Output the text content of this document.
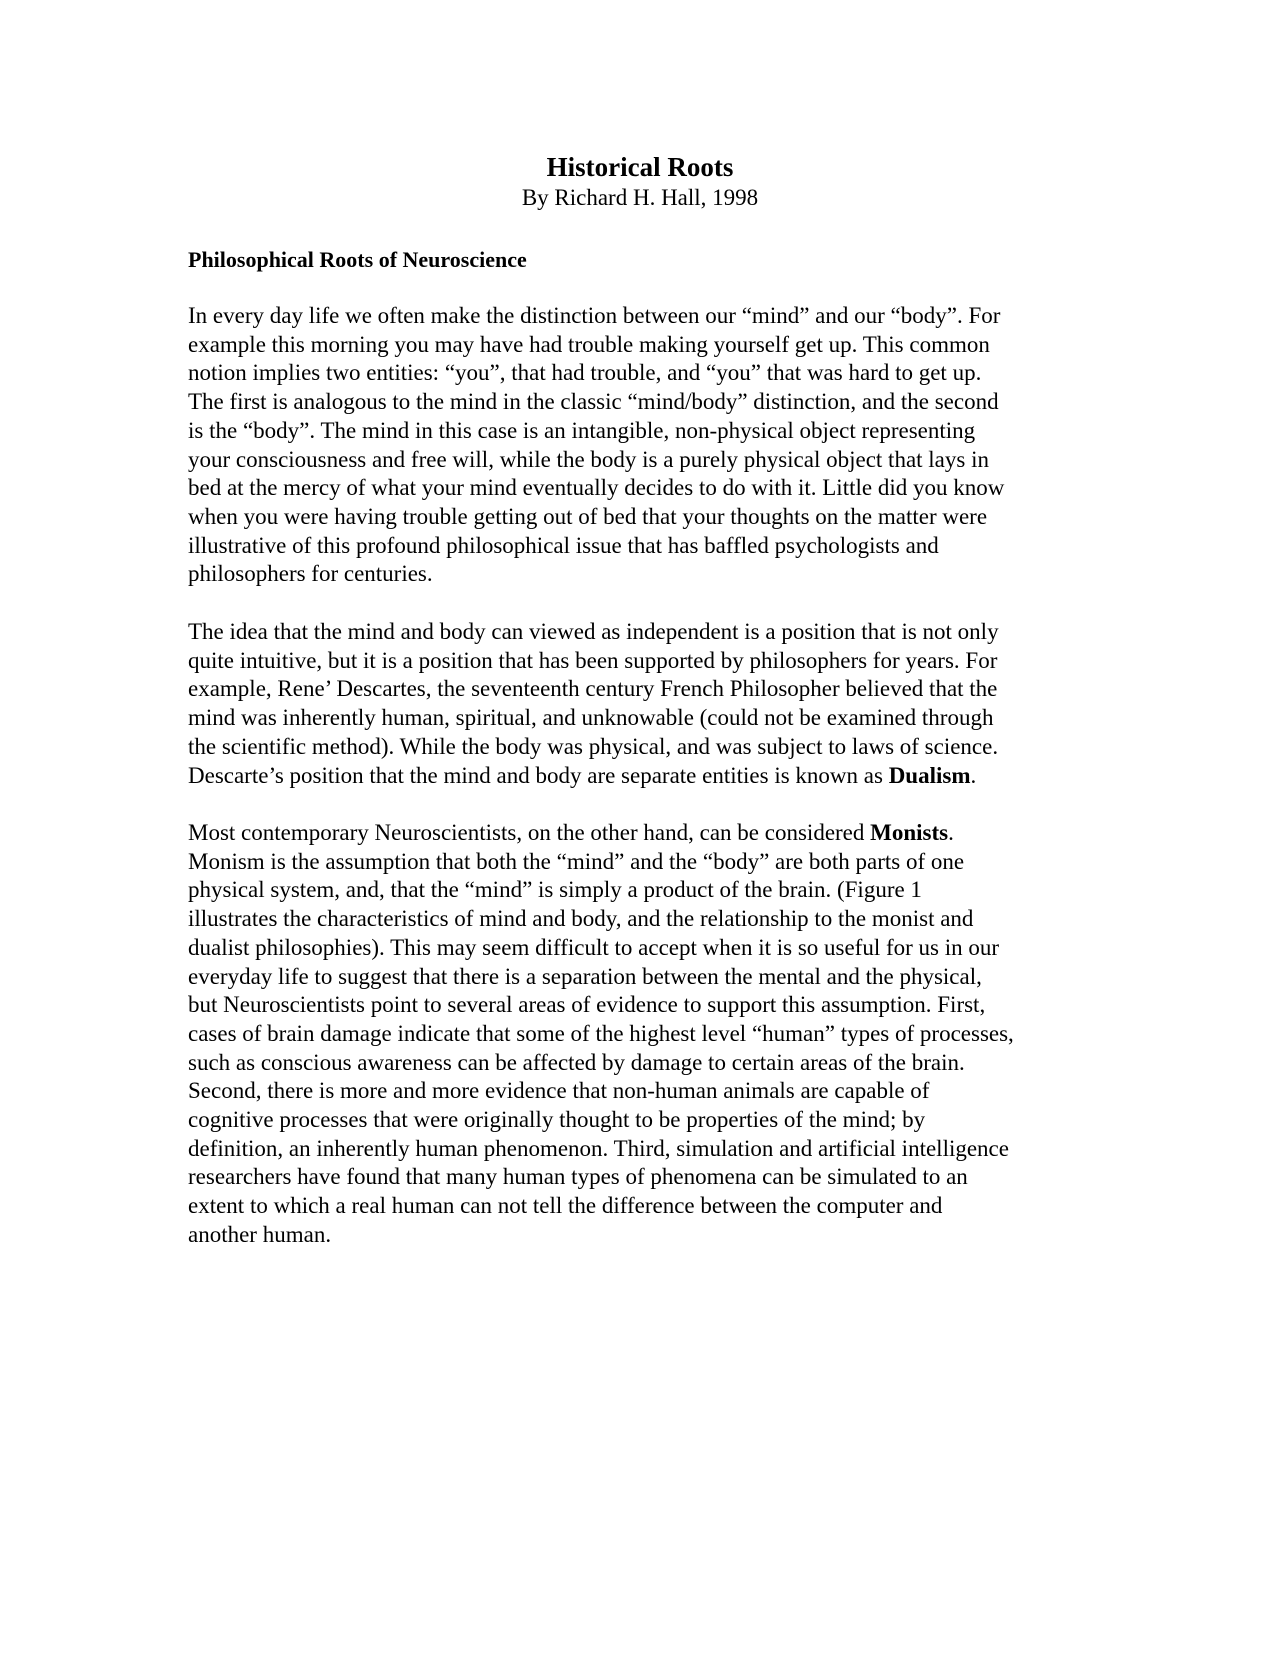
Historical Roots
By Richard H. Hall, 1998
Philosophical Roots of Neuroscience

In every day life we often make the distinction between our “mind” and our “body”. For
example this morning you may have had trouble making yourself get up. This common
notion implies two entities: “you”, that had trouble, and “you” that was hard to get up.
The first is analogous to the mind in the classic “mind/body” distinction, and the second
is the “body”. The mind in this case is an intangible, non-physical object representing
your consciousness and free will, while the body is a purely physical object that lays in
bed at the mercy of what your mind eventually decides to do with it. Little did you know
when you were having trouble getting out of bed that your thoughts on the matter were
illustrative of this profound philosophical issue that has baffled psychologists and
philosophers for centuries.

The idea that the mind and body can viewed as independent is a position that is not only
quite intuitive, but it is a position that has been supported by philosophers for years. For
example, Rene’ Descartes, the seventeenth century French Philosopher believed that the
mind was inherently human, spiritual, and unknowable (could not be examined through
the scientific method). While the body was physical, and was subject to laws of science.
Descarte’s position that the mind and body are separate entities is known as Dualism.

Most contemporary Neuroscientists, on the other hand, can be considered Monists.
Monism is the assumption that both the “mind” and the “body” are both parts of one
physical system, and, that the “mind” is simply a product of the brain. (Figure 1
illustrates the characteristics of mind and body, and the relationship to the monist and
dualist philosophies). This may seem difficult to accept when it is so useful for us in our
everyday life to suggest that there is a separation between the mental and the physical,
but Neuroscientists point to several areas of evidence to support this assumption. First,
cases of brain damage indicate that some of the highest level “human” types of processes,
such as conscious awareness can be affected by damage to certain areas of the brain.
Second, there is more and more evidence that non-human animals are capable of
cognitive processes that were originally thought to be properties of the mind; by
definition, an inherently human phenomenon. Third, simulation and artificial intelligence
researchers have found that many human types of phenomena can be simulated to an
extent to which a real human can not tell the difference between the computer and
another human.
